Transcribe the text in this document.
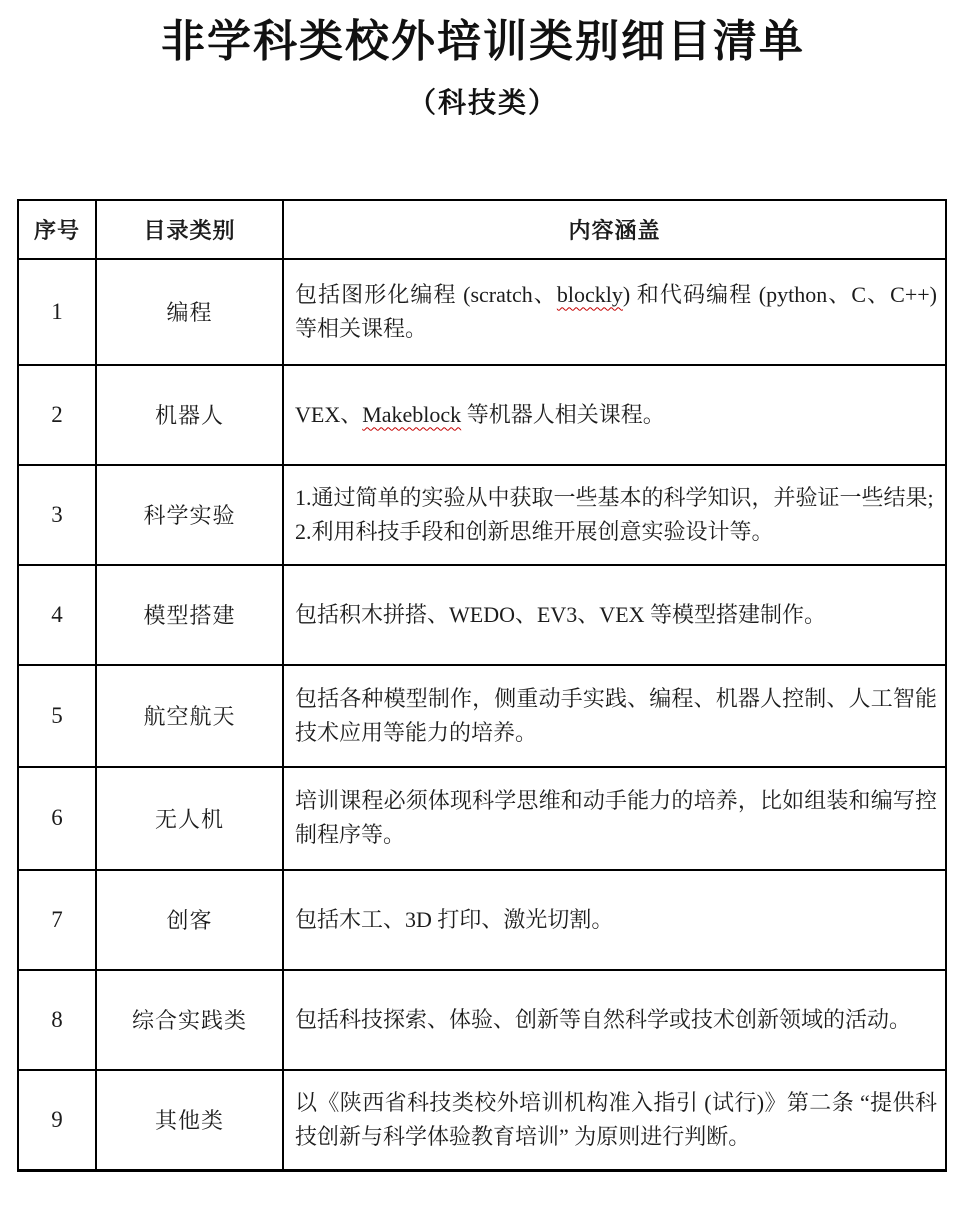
非学科类校外培训类别细目清单
（科技类）
序号	目录类别	内容涵盖
1	编程	包括图形化编程 (scratch、blockly) 和代码编程 (python、C、C++) 等相关课程。
2	机器人	VEX、Makeblock 等机器人相关课程。
3	科学实验	1.通过简单的实验从中获取一些基本的科学知识，并验证一些结果;
2.利用科技手段和创新思维开展创意实验设计等。

4	模型搭建	包括积木拼搭、WEDO、EV3、VEX 等模型搭建制作。
5	航空航天	包括各种模型制作，侧重动手实践、编程、机器人控制、人工智能技术应用等能力的培养。
6	无人机	培训课程必须体现科学思维和动手能力的培养，比如组装和编写控制程序等。
7	创客	包括木工、3D 打印、激光切割。
8	综合实践类	包括科技探索、体验、创新等自然科学或技术创新领域的活动。
9	其他类	以《陕西省科技类校外培训机构准入指引 (试行)》第二条 “提供科技创新与科学体验教育培训” 为原则进行判断。
